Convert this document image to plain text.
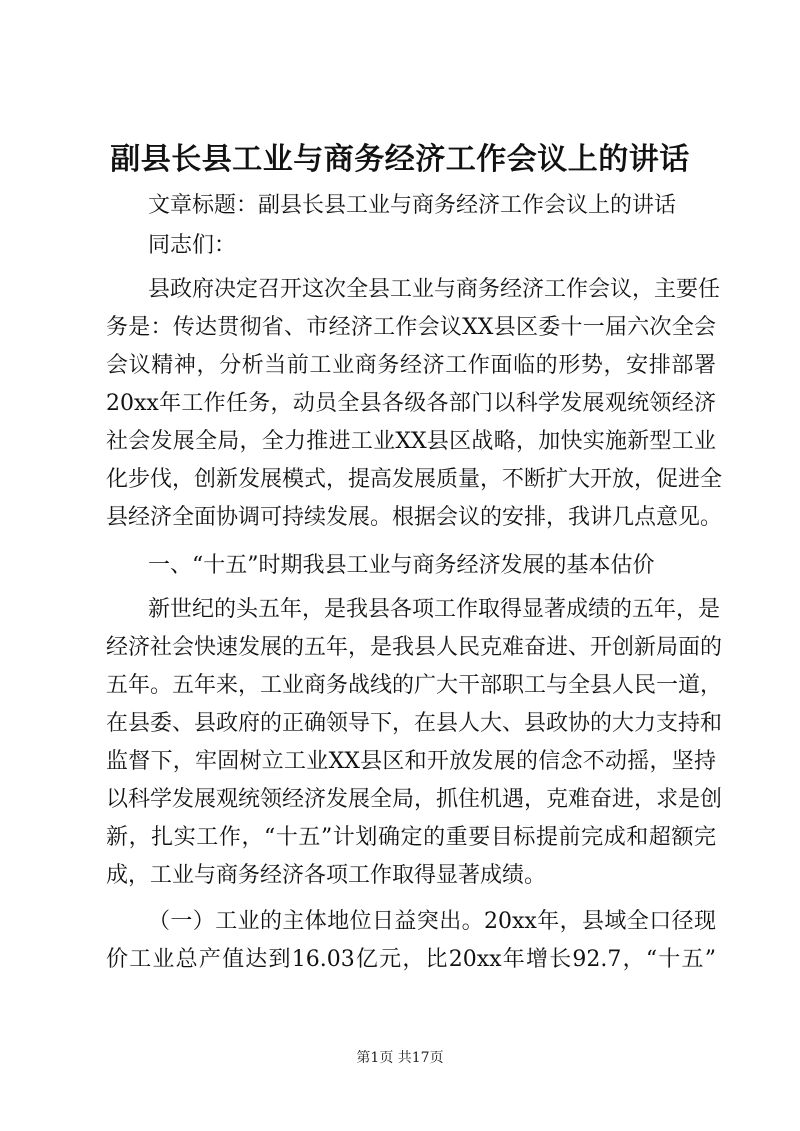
副县长县工业与商务经济工作会议上的讲话

文章标题：副县长县工业与商务经济工作会议上的讲话

同志们：

县政府决定召开这次全县工业与商务经济工作会议，主要任

务是：传达贯彻省、市经济工作会议XX县区委十一届六次全会

会议精神，分析当前工业商务经济工作面临的形势，安排部署

20xx年工作任务，动员全县各级各部门以科学发展观统领经济

社会发展全局，全力推进工业XX县区战略，加快实施新型工业

化步伐，创新发展模式，提高发展质量，不断扩大开放，促进全

县经济全面协调可持续发展。根据会议的安排，我讲几点意见。

一、“十五”时期我县工业与商务经济发展的基本估价

新世纪的头五年，是我县各项工作取得显著成绩的五年，是

经济社会快速发展的五年，是我县人民克难奋进、开创新局面的

五年。五年来，工业商务战线的广大干部职工与全县人民一道，

在县委、县政府的正确领导下，在县人大、县政协的大力支持和

监督下，牢固树立工业XX县区和开放发展的信念不动摇，坚持

以科学发展观统领经济发展全局，抓住机遇，克难奋进，求是创

新，扎实工作，“十五”计划确定的重要目标提前完成和超额完

成，工业与商务经济各项工作取得显著成绩。

（一）工业的主体地位日益突出。20xx年，县域全口径现

价工业总产值达到16.03亿元，比20xx年增长92.7，“十五”

第1页 共17页
